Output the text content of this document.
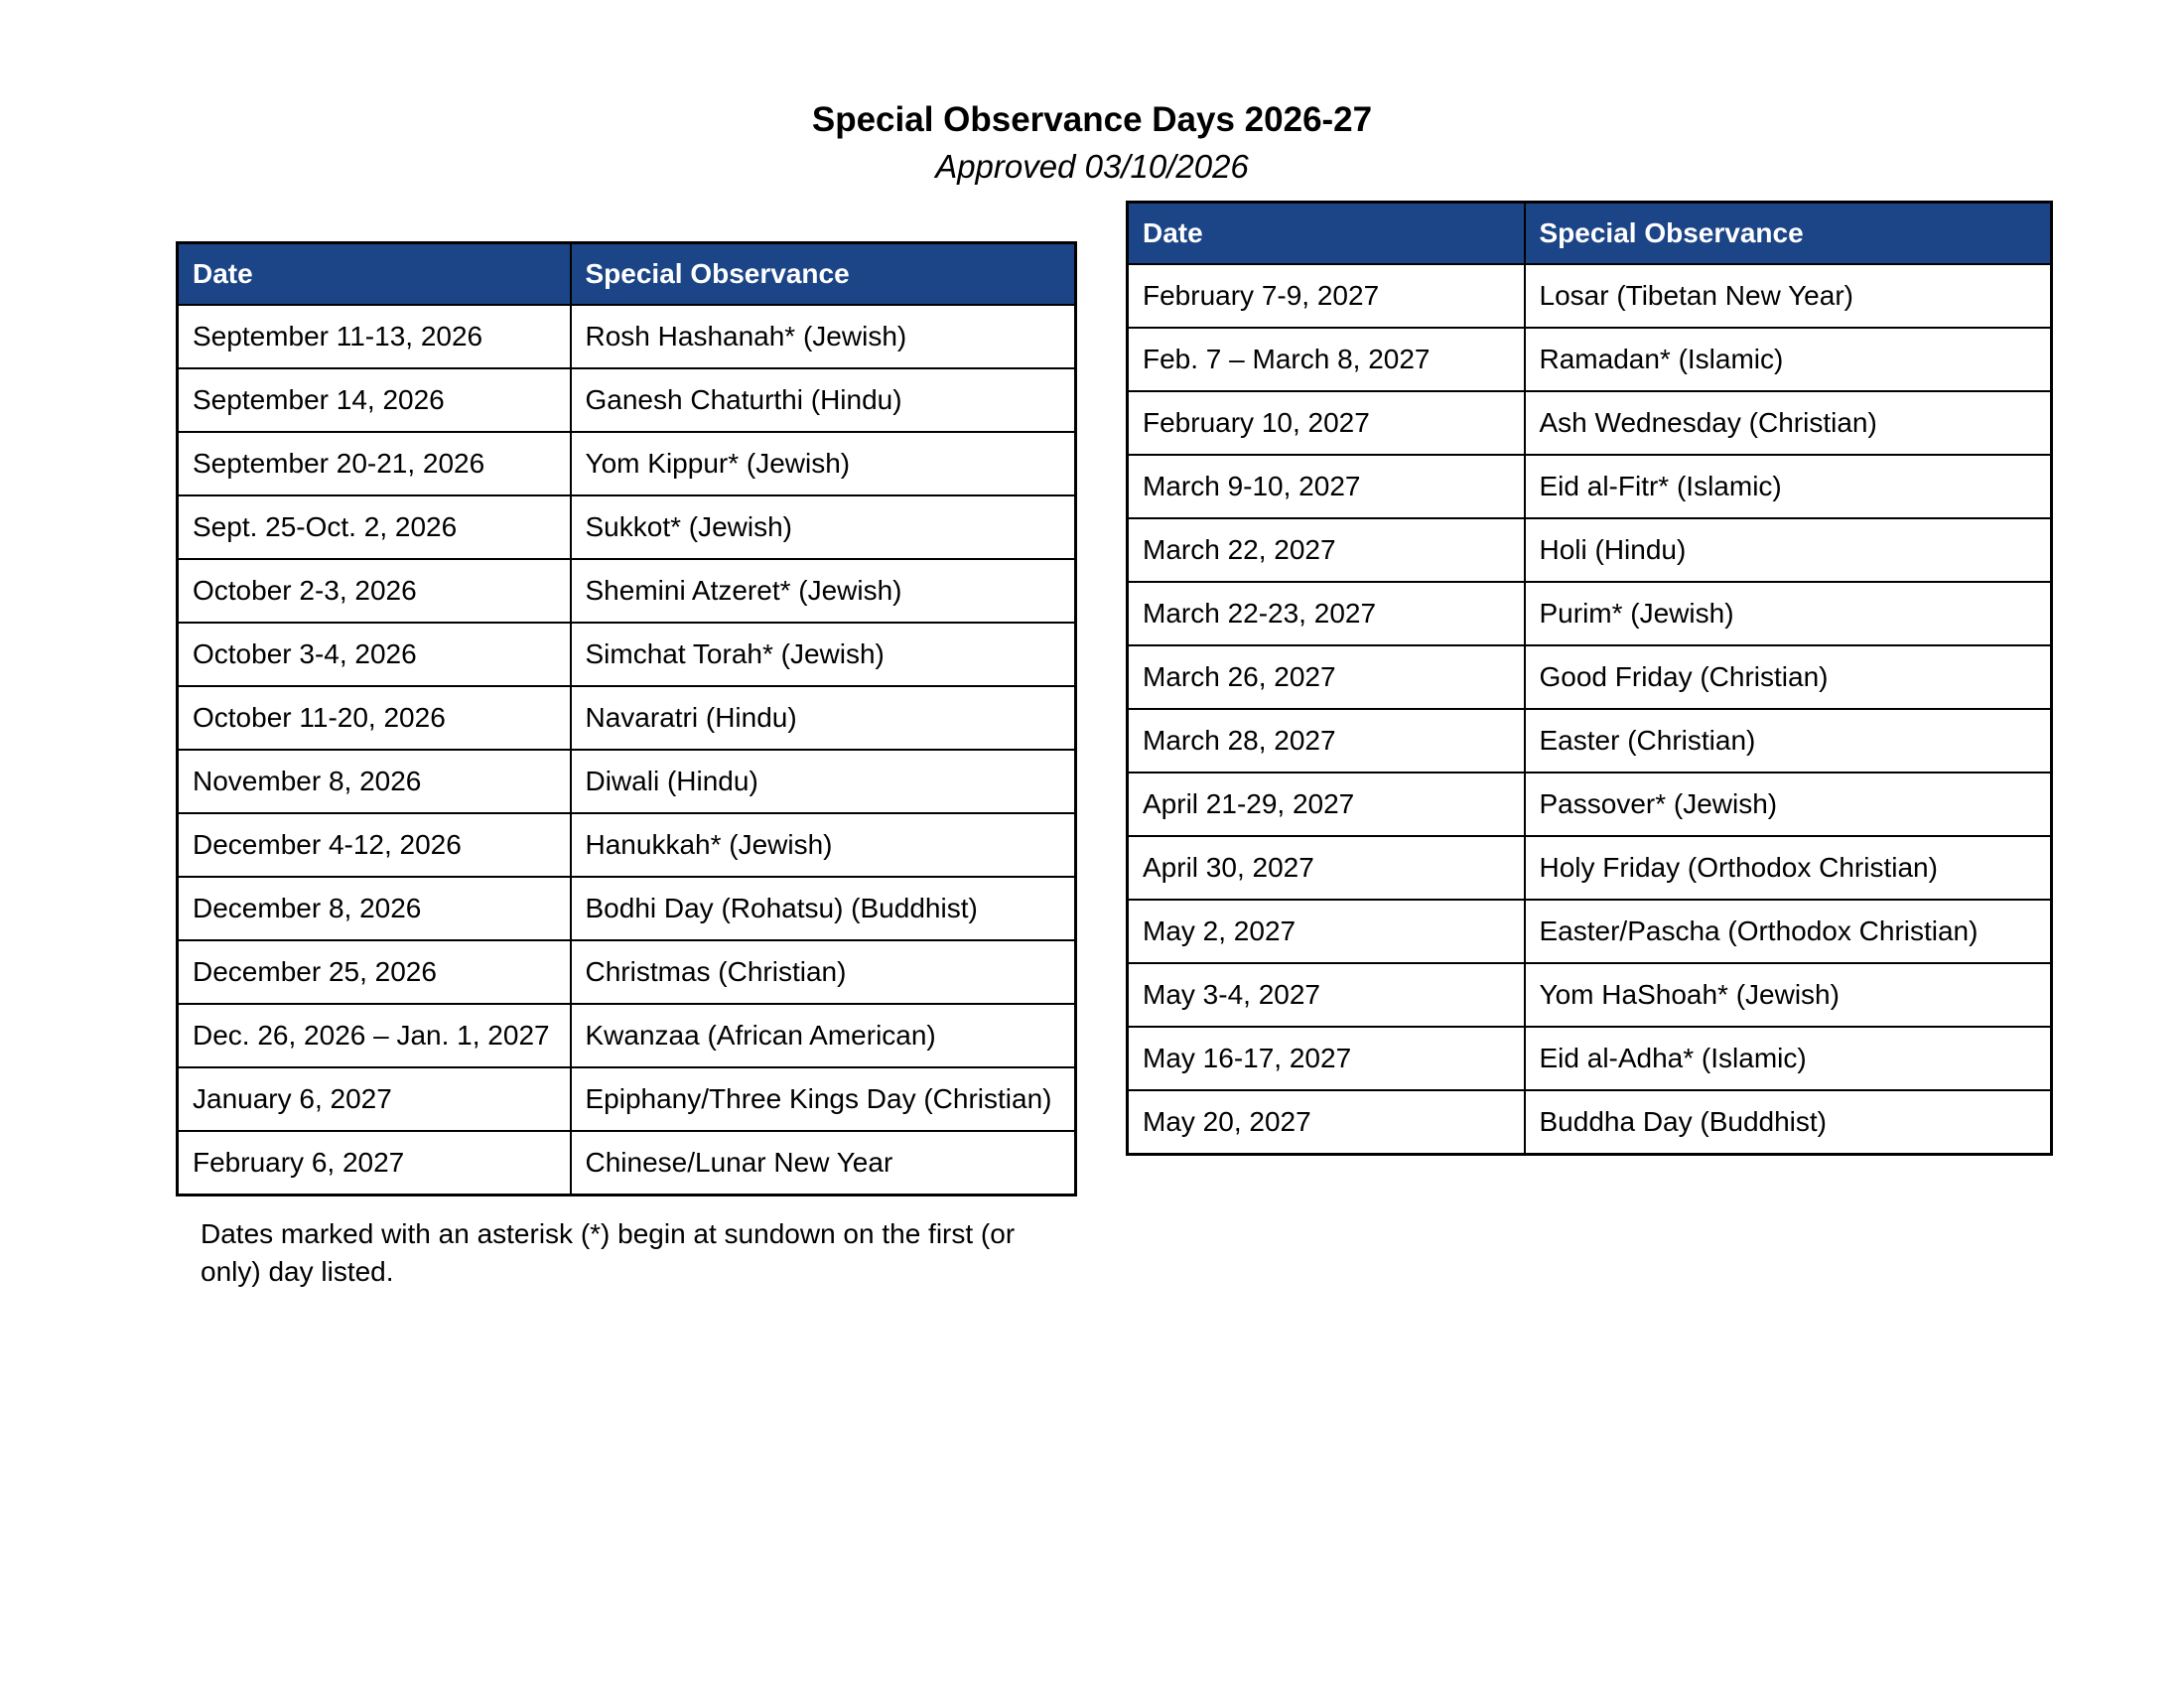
Special Observance Days 2026-27
Approved 03/10/2026
Date	Special Observance
September 11-13, 2026	Rosh Hashanah* (Jewish)
September 14, 2026	Ganesh Chaturthi (Hindu)
September 20-21, 2026	Yom Kippur* (Jewish)
Sept. 25-Oct. 2, 2026	Sukkot* (Jewish)
October 2-3, 2026	Shemini Atzeret* (Jewish)
October 3-4, 2026	Simchat Torah* (Jewish)
October 11-20, 2026	Navaratri (Hindu)
November 8, 2026	Diwali (Hindu)
December 4-12, 2026	Hanukkah* (Jewish)
December 8, 2026	Bodhi Day (Rohatsu) (Buddhist)
December 25, 2026	Christmas (Christian)
Dec. 26, 2026 – Jan. 1, 2027	Kwanzaa (African American)
January 6, 2027	Epiphany/Three Kings Day (Christian)
February 6, 2027	Chinese/Lunar New Year
Date	Special Observance
February 7-9, 2027	Losar (Tibetan New Year)
Feb. 7 – March 8, 2027	Ramadan* (Islamic)
February 10, 2027	Ash Wednesday (Christian)
March 9-10, 2027	Eid al-Fitr* (Islamic)
March 22, 2027	Holi (Hindu)
March 22-23, 2027	Purim* (Jewish)
March 26, 2027	Good Friday (Christian)
March 28, 2027	Easter (Christian)
April 21-29, 2027	Passover* (Jewish)
April 30, 2027	Holy Friday (Orthodox Christian)
May 2, 2027	Easter/Pascha (Orthodox Christian)
May 3-4, 2027	Yom HaShoah* (Jewish)
May 16-17, 2027	Eid al-Adha* (Islamic)
May 20, 2027	Buddha Day (Buddhist)
Dates marked with an asterisk (*) begin at sundown on the first (or only) day listed.
